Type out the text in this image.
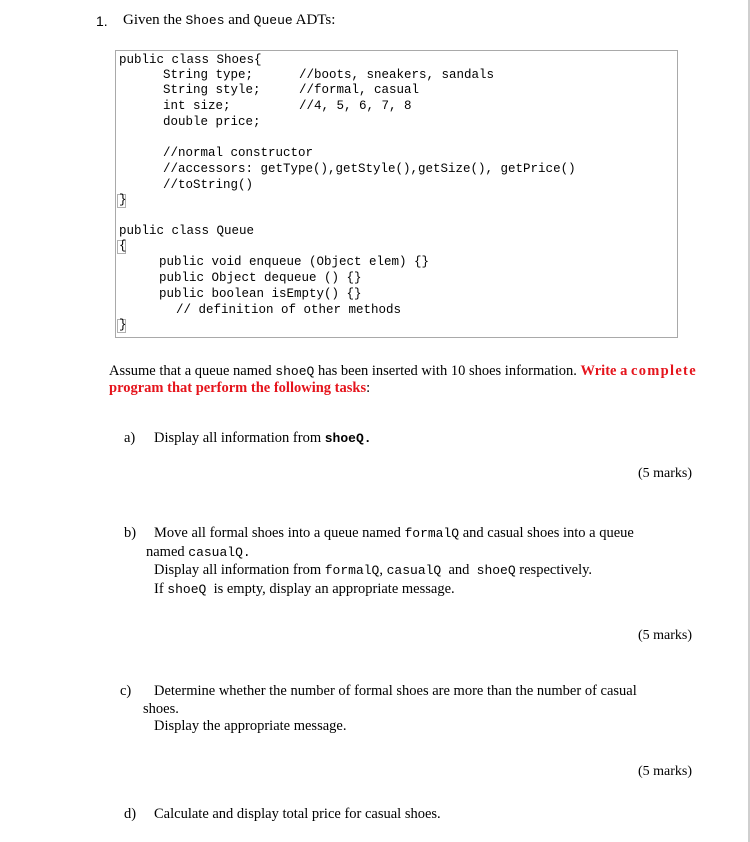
1. Given the Shoes and Queue ADTs:
public class Shoes{
String type;	//boots, sneakers, sandals
String style;	//formal, casual
int size;	//4, 5, 6, 7, 8
double price;
//normal constructor
//accessors: getType(),getStyle(),getSize(), getPrice()
//toString()
}
public class Queue
{
public void enqueue (Object elem) {}
public Object dequeue () {}
public boolean isEmpty() {}
// definition of other methods
}
Assume that a queue named shoeQ has been inserted with 10 shoes information. Write a complete
program that perform the following tasks:
a) Display all information from shoeQ.
(5 marks)
b) Move all formal shoes into a queue named formalQ and casual shoes into a queue
named casualQ.
Display all information from formalQ, casualQ  and  shoeQ respectively.
If shoeQ  is empty, display an appropriate message.
(5 marks)
c) Determine whether the number of formal shoes are more than the number of casual
shoes.
Display the appropriate message.
(5 marks)
d) Calculate and display total price for casual shoes.
